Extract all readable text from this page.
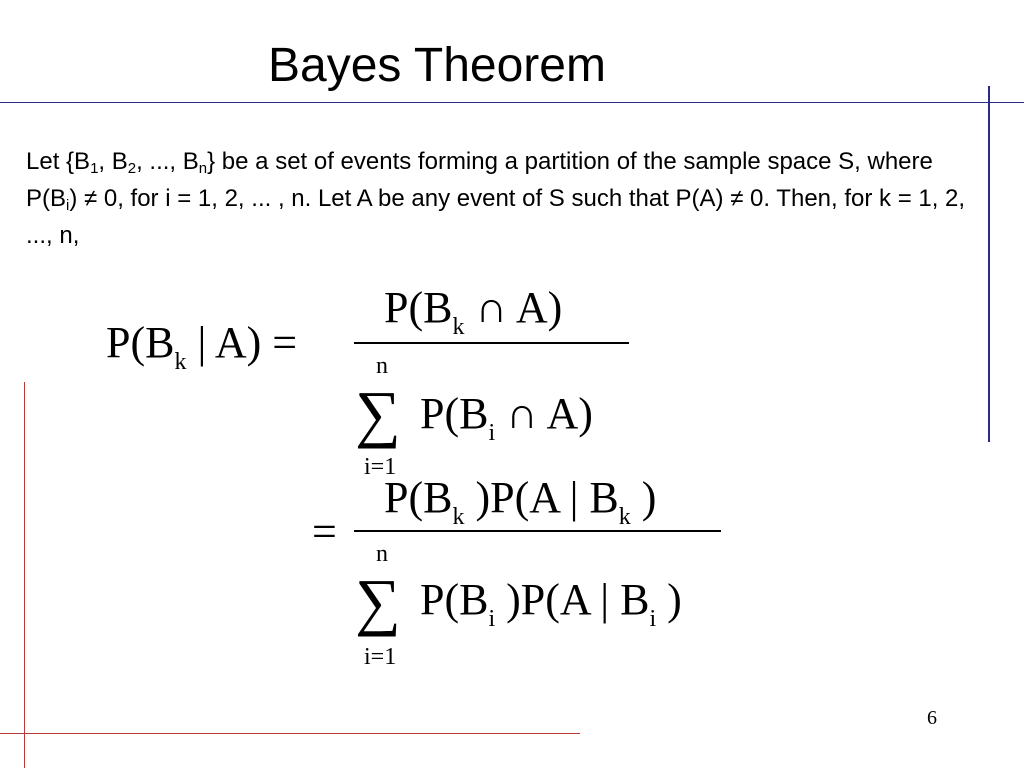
Bayes Theorem
Let {$B_1$, $B_2$, ..., $B_n$} be a set of events forming a partition of the sample space S, where $P(B_i) \ne 0$, for i = 1, 2, ... , n. Let A be any event of S such that P(A) ≠ 0. Then, for k = 1, 2, ..., n,
$P(B_k$ | A) =
$P(B_k$ ∩ A)
n
∑
i=1
$P(B_i$ ∩ A)
=
$P(B_k$ )P(A | $B_k$ )
n
∑
i=1
$P(B_i$ )P(A | $B_i$ )
6
